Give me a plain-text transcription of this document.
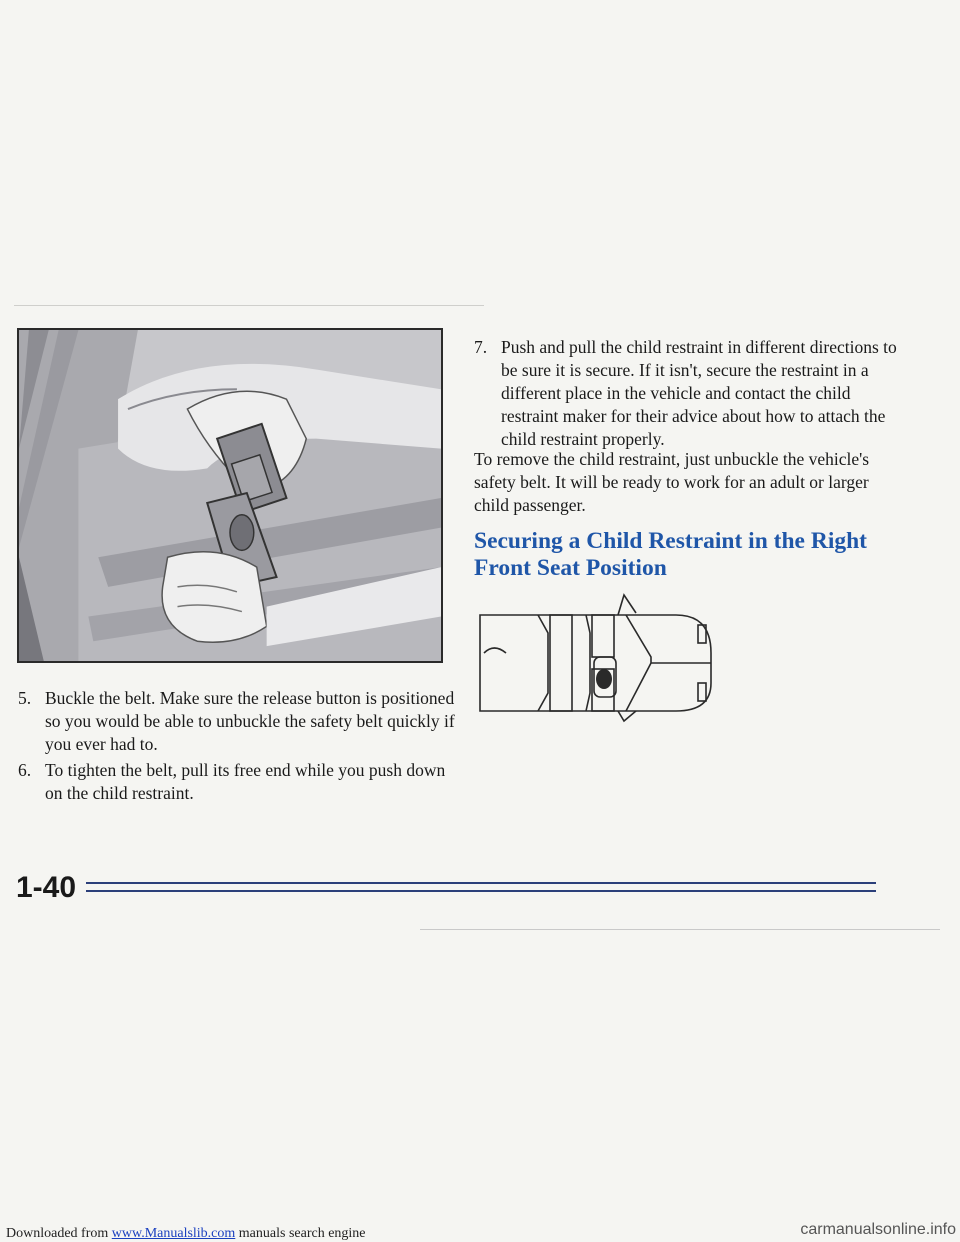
5. Buckle the belt. Make sure the release button is positioned so you would be able to unbuckle the safety belt quickly if you ever had to.
6. To tighten the belt, pull its free end while you push down on the child restraint.
7. Push and pull the child restraint in different directions to be sure it is secure. If it isn't, secure the restraint in a different place in the vehicle and contact the child restraint maker for their advice about how to attach the child restraint properly.
To remove the child restraint, just unbuckle the vehicle's safety belt. It will be ready to work for an adult or larger child passenger.
Securing a Child Restraint in the Right Front Seat Position
1-40
Downloaded from www.Manualslib.com manuals search engine	carmanualsonline.info
